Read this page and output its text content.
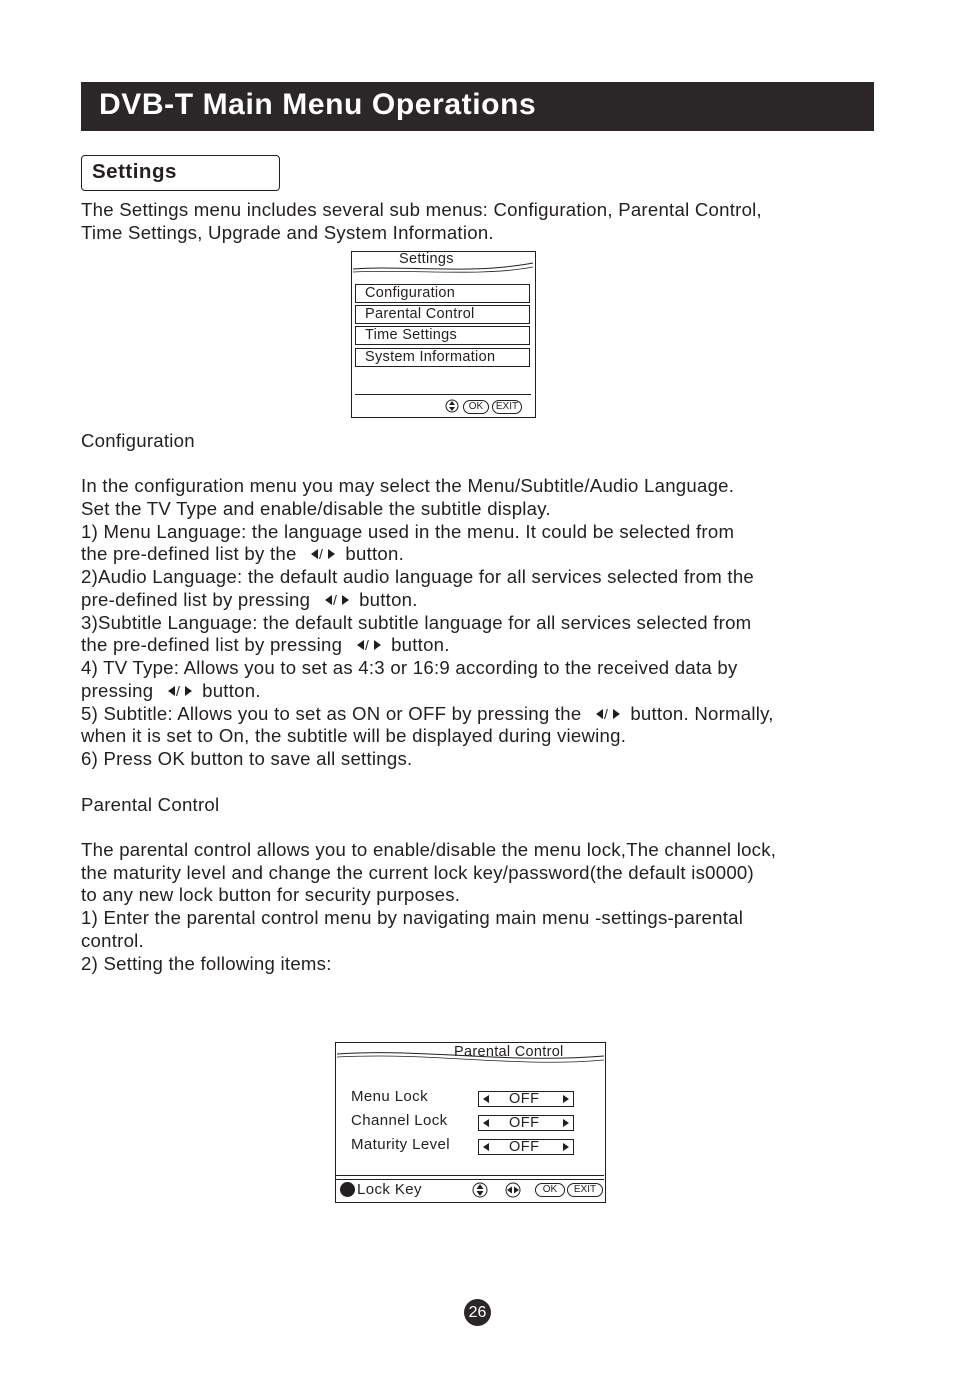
DVB-T Main Menu Operations
Settings
The Settings menu includes several sub menus: Configuration, Parental Control,
Time Settings, Upgrade and System Information.
Settings
Configuration
Parental Control
Time Settings
System Information
OK	EXIT
Configuration
In the configuration menu you may select the Menu/Subtitle/Audio Language.
Set the TV Type and enable/disable the subtitle display.
1) Menu Language: the language used in the menu. It could be selected from
the pre-defined list by the / button.
2)Audio Language: the default audio language for all services selected from the
pre-defined list by pressing / button.
3)Subtitle Language: the default subtitle language for all services selected from
the pre-defined list by pressing / button.
4) TV Type: Allows you to set as 4:3 or 16:9 according to the received data by
pressing / button.
5) Subtitle: Allows you to set as ON or OFF by pressing the / button. Normally,
when it is set to On, the subtitle will be displayed during viewing.
6) Press OK button to save all settings.
Parental Control
The parental control allows you to enable/disable the menu lock,The channel lock,
the maturity level and change the current lock key/password(the default is0000)
to any new lock button for security purposes.
1) Enter the parental control menu by navigating main menu -settings-parental
control.
2) Setting the following items:
Parental Control
Menu Lock	OFF
Channel Lock	OFF
Maturity Level	OFF
Lock Key	OK	EXIT
26
